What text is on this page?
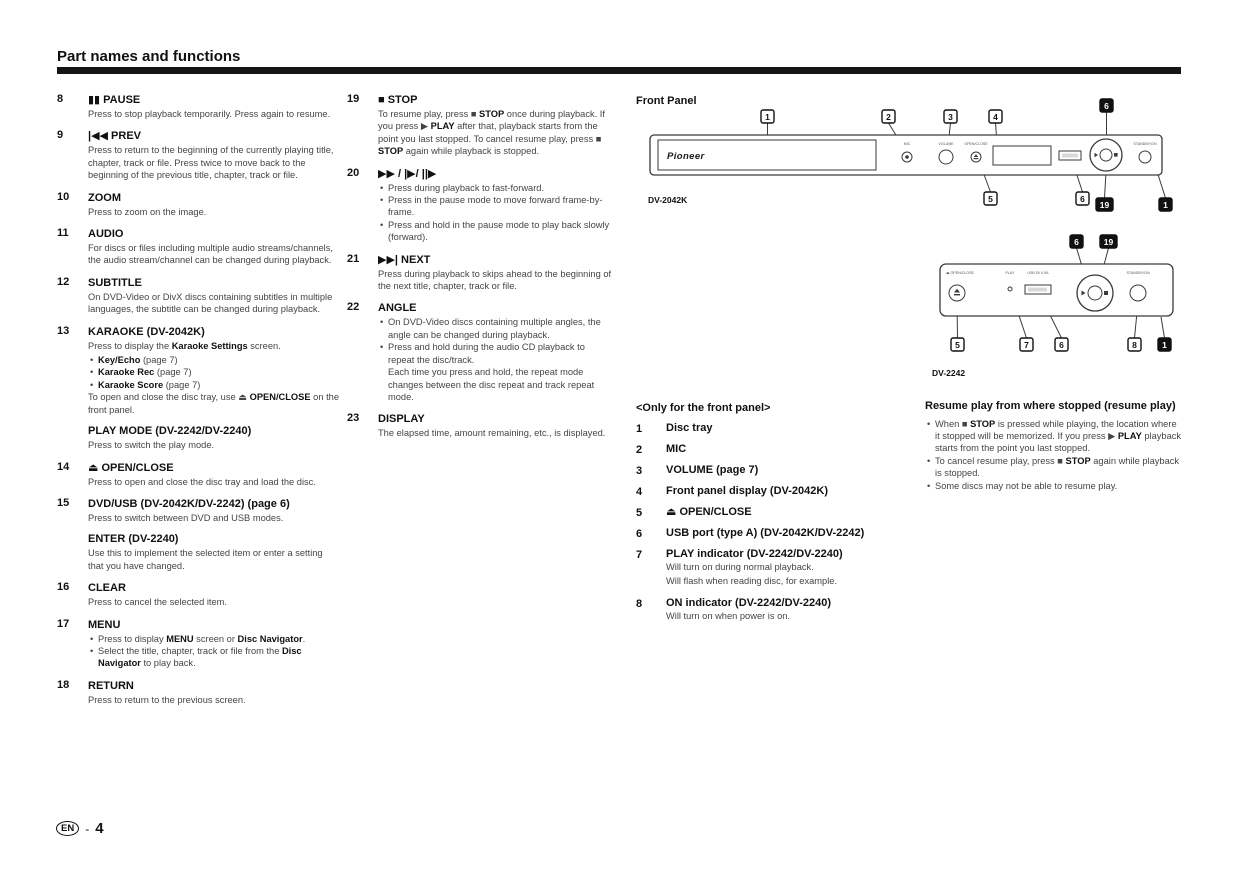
Part names and functions
8 ▮▮ PAUSE

Press to stop playback temporarily. Press again to resume.

9 |◀◀ PREV

Press to return to the beginning of the currently playing title, chapter, track or file. Press twice to move back to the beginning of the previous title, chapter, track or file.

10 ZOOM

Press to zoom on the image.

11 AUDIO

For discs or files including multiple audio streams/channels, the audio stream/channel can be changed during playback.

12 SUBTITLE

On DVD-Video or DivX discs containing subtitles in multiple languages, the subtitle can be changed during playback.

13 KARAOKE (DV-2042K)

Press to display the Karaoke Settings screen.

• Key/Echo (page 7)
• Karaoke Rec (page 7)
• Karaoke Score (page 7)

To open and close the disc tray, use ⏏ OPEN/CLOSE on the front panel.

PLAY MODE (DV-2242/DV-2240)

Press to switch the play mode.

14 ⏏ OPEN/CLOSE

Press to open and close the disc tray and load the disc.

15 DVD/USB (DV-2042K/DV-2242) (page 6)

Press to switch between DVD and USB modes.

ENTER (DV-2240)

Use this to implement the selected item or enter a setting that you have changed.

16 CLEAR

Press to cancel the selected item.

17 MENU
• Press to display MENU screen or Disc Navigator.
• Select the title, chapter, track or file from the Disc Navigator to play back.
18 RETURN

Press to return to the previous screen.

19 ■ STOP

To resume play, press ■ STOP once during playback. If you press ▶ PLAY after that, playback starts from the point you last stopped. To cancel resume play, press ■ STOP again while playback is stopped.

20 ▶▶ / |▶/ ||▶
• Press during playback to fast-forward.
• Press in the pause mode to move forward frame-by-frame.
• Press and hold in the pause mode to play back slowly (forward).
21 ▶▶| NEXT

Press during playback to skips ahead to the beginning of the next title, chapter, track or file.

22 ANGLE
• On DVD-Video discs containing multiple angles, the angle can be changed during playback.
• Press and hold during the audio CD playback to repeat the disc/track.
Each time you press and hold, the repeat mode changes between the disc repeat and track repeat mode.
23 DISPLAY

The elapsed time, amount remaining, etc., is displayed.

Front Panel
Pioneer
MIC	VOLUME	OPEN/CLOSE	STANDBY/ON
1	2	3	4
6
5	6
19	1
DV-2042K
⏏ OPEN/CLOSE	PLAY	USB 5V 0.5A	STANDBY/ON
6	19
5	7	6	8	1
DV-2242
<Only for the front panel>
1 Disc tray
2 MIC
3 VOLUME (page 7)
4 Front panel display (DV-2042K)
5 ⏏ OPEN/CLOSE
6 USB port (type A) (DV-2042K/DV-2242)
7 PLAY indicator (DV-2242/DV-2240)

Will turn on during normal playback.

Will flash when reading disc, for example.

8 ON indicator (DV-2242/DV-2240)

Will turn on when power is on.

Resume play from where stopped (resume play)
• When ■ STOP is pressed while playing, the location where it stopped will be memorized. If you press ▶ PLAY playback starts from the point you last stopped.
• To cancel resume play, press ■ STOP again while playback is stopped.
• Some discs may not be able to resume play.
EN - 4
